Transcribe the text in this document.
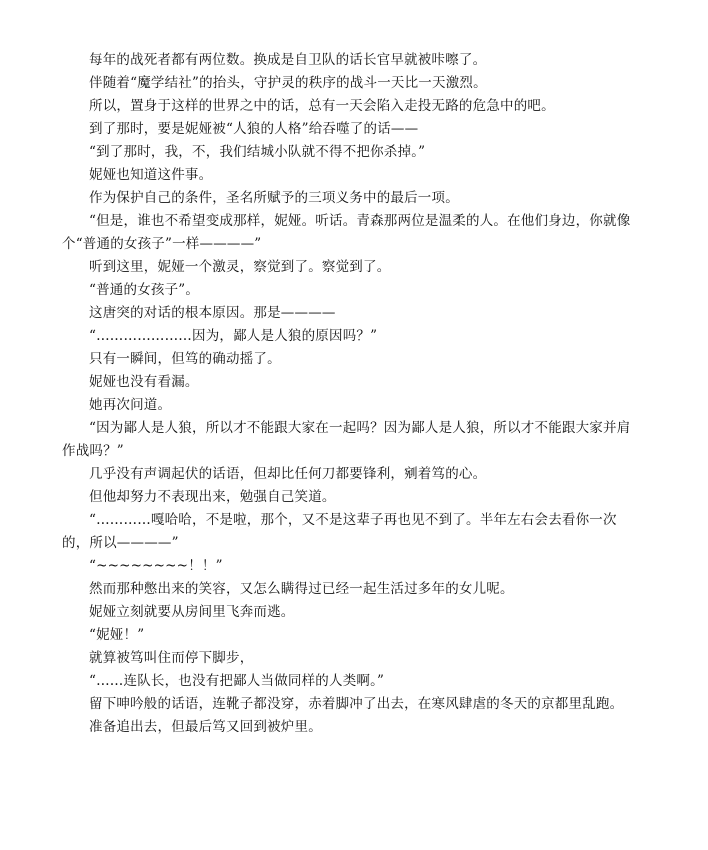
每年的战死者都有两位数。换成是自卫队的话长官早就被咔嚓了。

伴随着“魔学结社”的抬头，守护灵的秩序的战斗一天比一天激烈。

所以，置身于这样的世界之中的话，总有一天会陷入走投无路的危急中的吧。

到了那时，要是妮娅被“人狼的人格”给吞噬了的话——

“到了那时，我，不，我们结城小队就不得不把你杀掉。”

妮娅也知道这件事。

作为保护自己的条件，圣名所赋予的三项义务中的最后一项。

“但是，谁也不希望变成那样，妮娅。听话。青森那两位是温柔的人。在他们身边，你就像个“普通的女孩子”一样————”

听到这里，妮娅一个激灵，察觉到了。察觉到了。

“普通的女孩子”。

这唐突的对话的根本原因。那是————

“…………………因为，鄙人是人狼的原因吗？”

只有一瞬间，但笃的确动摇了。

妮娅也没有看漏。

她再次问道。

“因为鄙人是人狼，所以才不能跟大家在一起吗？因为鄙人是人狼，所以才不能跟大家并肩作战吗？”

几乎没有声调起伏的话语，但却比任何刀都要锋利，剜着笃的心。

但他却努力不表现出来，勉强自己笑道。

“…………嘎哈哈，不是啦，那个，又不是这辈子再也见不到了。半年左右会去看你一次的，所以————”

“~~~~~~~~！！”

然而那种憋出来的笑容，又怎么瞒得过已经一起生活过多年的女儿呢。

妮娅立刻就要从房间里飞奔而逃。

“妮娅！”

就算被笃叫住而停下脚步，

“……连队长，也没有把鄙人当做同样的人类啊。”

留下呻吟般的话语，连靴子都没穿，赤着脚冲了出去，在寒风肆虐的冬天的京都里乱跑。

准备追出去，但最后笃又回到被炉里。
